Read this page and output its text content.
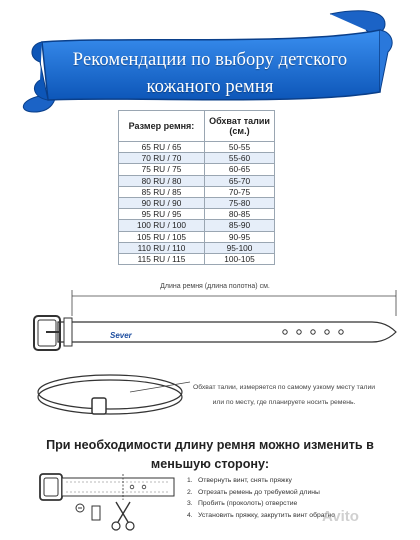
Рекомендации по выбору детского
кожаного ремня
Размер ремня:	Обхват талии
(см.)

65 RU / 65	50-55
70 RU / 70	55-60
75 RU / 75	60-65
80 RU / 80	65-70
85 RU / 85	70-75
90 RU / 90	75-80
95 RU / 95	80-85
100 RU / 100	85-90
105 RU / 105	90-95
110 RU / 110	95-100
115 RU / 115	100-105
Sever
Длина ремня (длина полотна) см.
Обхват талии, измеряется по самому узкому месту талии
или по месту, где планируете носить ремень.
При необходимости длину ремня можно изменить в
меньшую сторону:
1. Отвернуть винт, снять пряжку
2. Отрезать ремень до требуемой длины
3. Пробить (проколоть) отверстие
4. Установить пряжку, закрутить винт обратно
Avito
